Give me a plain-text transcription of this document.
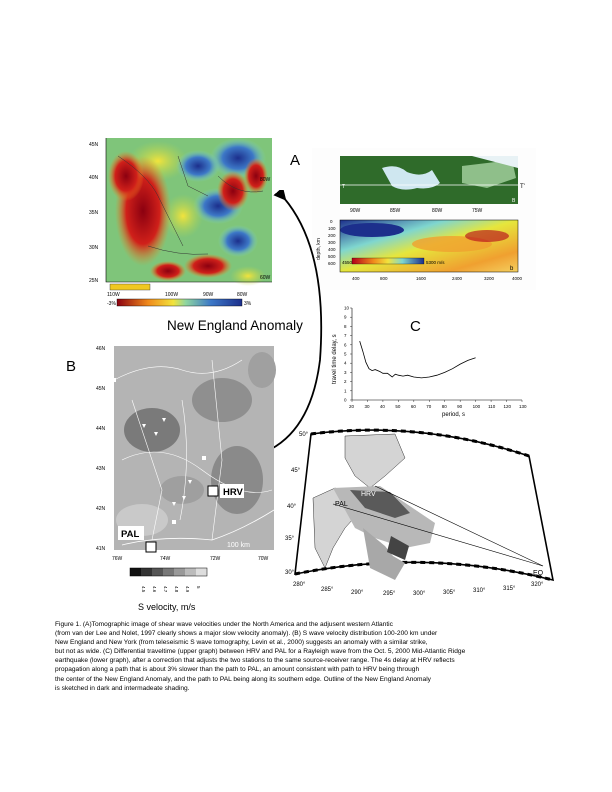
45N
40N
35N
30N
25N
80W
60W
110W	100W	90W	80W
-3%	3%
A
T	T'
B
90W	85W	80W	75W
4550	5300 m/s
b
depth, km
0
100
200
300
400
500
600
400	800	1600	2400	3200	4000
New England Anomaly
B
HRV
PAL
100 km
46N
45N
44N
43N
42N
41N
76W	74W	72W	70W
4.5 4.6 4.7 4.8 4.9 5
S velocity, m/s
C
20 30 40 50 60 70 80 90 100 110 120 130
0
1
2
3
4
5
6
7
8
9
10
period, s
travel time delay, s
HRV
PAL
EQ
50°
45°
40°
35°
30°
280°
285°	290°	295°	300°	305°	310°	315°
320°
Figure 1. (A)Tomographic image of shear wave velocities under the North America and the adjusent western Atlantic
(from van der Lee and Nolet, 1997 clearly shows a major slow velocity anomaly). (B) S wave velocity distribution 100-200 km under
New England and New York (from teleseismic S wave tomography, Levin et al., 2000) suggests an anomaly with a similar strike,
but not as wide. (C) Differential traveltime (upper graph) between HRV and PAL for a Rayleigh wave from the Oct. 5, 2000 Mid-Atlantic Ridge
earthquake (lower graph), after a correction that adjusts the two stations to the same source-receiver range. The 4s delay at HRV reflects
propagation along a path that is about 3% slower than the path to PAL, an amount consistent with path to HRV being through
the center of the New England Anomaly, and the path to PAL being along its southern edge. Outline of the New England Anomaly
is sketched in dark and intermadeate shading.
